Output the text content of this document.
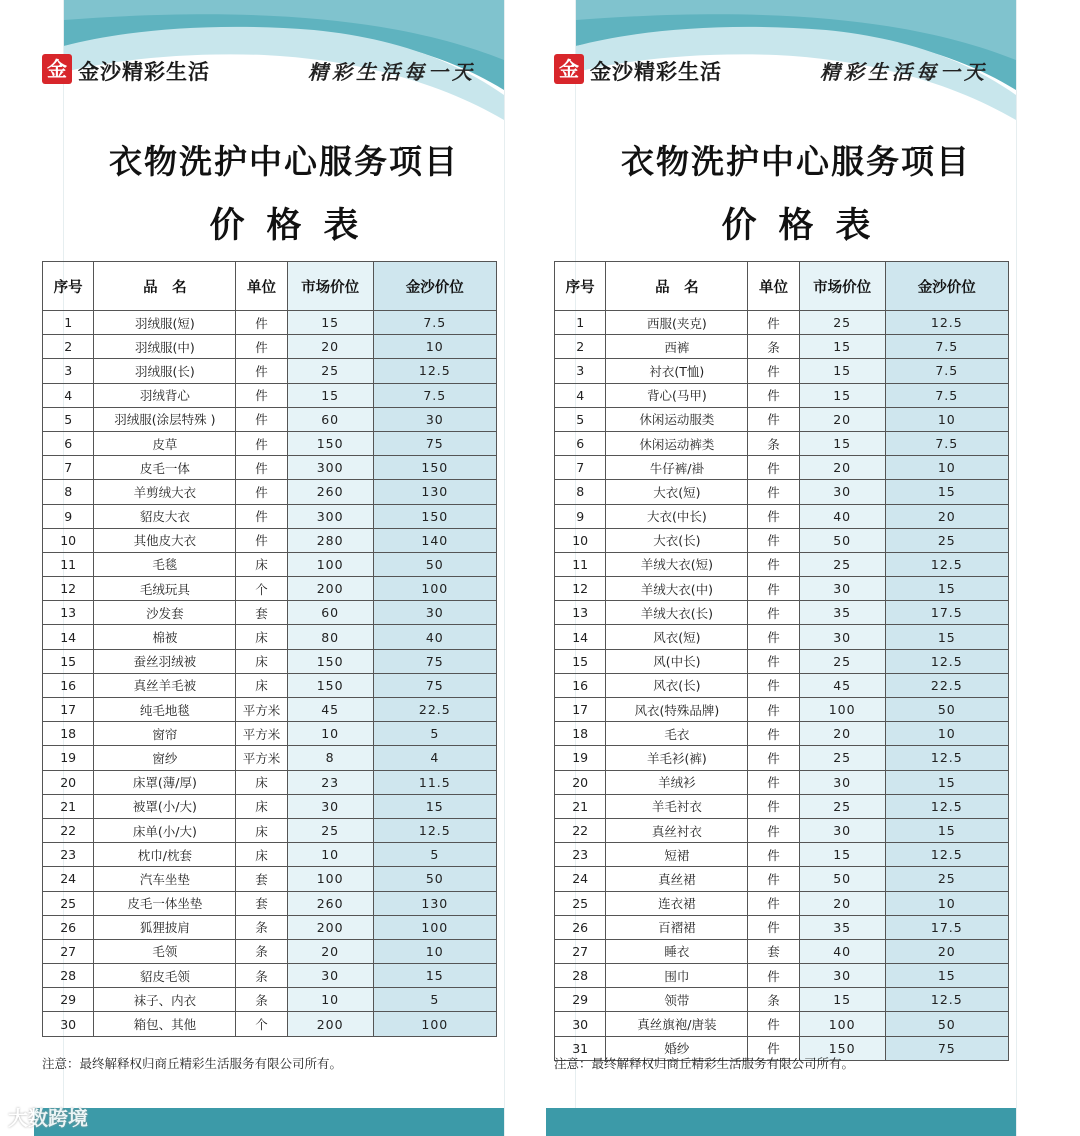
金 金沙精彩生活	精彩生活每一天
衣物洗护中心服务项目
价格表
序号	品　名	单位	市场价位	金沙价位
1	羽绒服(短)	件	15	7.5
2	羽绒服(中)	件	20	10
3	羽绒服(长)	件	25	12.5
4	羽绒背心	件	15	7.5
5	羽绒服(涂层特殊 )	件	60	30
6	皮草	件	150	75
7	皮毛一体	件	300	150
8	羊剪绒大衣	件	260	130
9	貂皮大衣	件	300	150
10	其他皮大衣	件	280	140
11	毛毯	床	100	50
12	毛绒玩具	个	200	100
13	沙发套	套	60	30
14	棉被	床	80	40
15	蚕丝羽绒被	床	150	75
16	真丝羊毛被	床	150	75
17	纯毛地毯	平方米	45	22.5
18	窗帘	平方米	10	5
19	窗纱	平方米	8	4
20	床罩(薄/厚)	床	23	11.5
21	被罩(小/大)	床	30	15
22	床单(小/大)	床	25	12.5
23	枕巾/枕套	床	10	5
24	汽车坐垫	套	100	50
25	皮毛一体坐垫	套	260	130
26	狐狸披肩	条	200	100
27	毛领	条	20	10
28	貂皮毛领	条	30	15
29	袜子、内衣	条	10	5
30	箱包、其他	个	200	100
注意：最终解释权归商丘精彩生活服务有限公司所有。
大数跨境
金 金沙精彩生活	精彩生活每一天
衣物洗护中心服务项目
价格表
序号	品　名	单位	市场价位	金沙价位
1	西服(夹克)	件	25	12.5
2	西裤	条	15	7.5
3	衬衣(T恤)	件	15	7.5
4	背心(马甲)	件	15	7.5
5	休闲运动服类	件	20	10
6	休闲运动裤类	条	15	7.5
7	牛仔裤/褂	件	20	10
8	大衣(短)	件	30	15
9	大衣(中长)	件	40	20
10	大衣(长)	件	50	25
11	羊绒大衣(短)	件	25	12.5
12	羊绒大衣(中)	件	30	15
13	羊绒大衣(长)	件	35	17.5
14	风衣(短)	件	30	15
15	风(中长)	件	25	12.5
16	风衣(长)	件	45	22.5
17	风衣(特殊品牌)	件	100	50
18	毛衣	件	20	10
19	羊毛衫(裤)	件	25	12.5
20	羊绒衫	件	30	15
21	羊毛衬衣	件	25	12.5
22	真丝衬衣	件	30	15
23	短裙	件	15	12.5
24	真丝裙	件	50	25
25	连衣裙	件	20	10
26	百褶裙	件	35	17.5
27	睡衣	套	40	20
28	围巾	件	30	15
29	领带	条	15	12.5
30	真丝旗袍/唐装	件	100	50
31	婚纱	件	150	75
注意：最终解释权归商丘精彩生活服务有限公司所有。
